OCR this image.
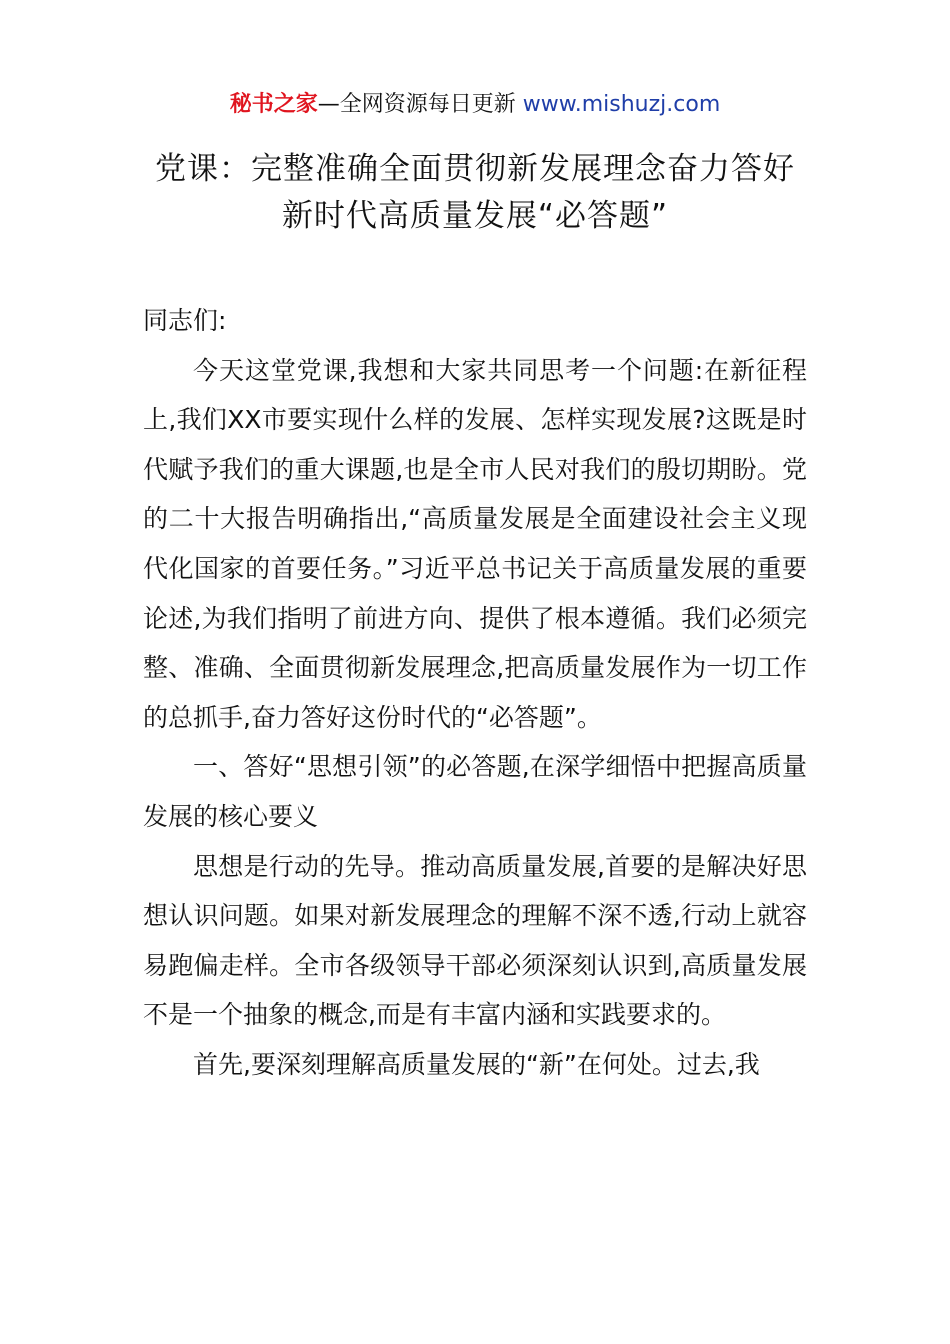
秘书之家—全网资源每日更新 www.mishuzj.com
党课：完整准确全面贯彻新发展理念奋力答好
新时代高质量发展“必答题”

同志们:

今天这堂党课,我想和大家共同思考一个问题:在新征程上,我们XX市要实现什么样的发展、怎样实现发展?这既是时代赋予我们的重大课题,也是全市人民对我们的殷切期盼。党的二十大报告明确指出,“高质量发展是全面建设社会主义现代化国家的首要任务。”习近平总书记关于高质量发展的重要论述,为我们指明了前进方向、提供了根本遵循。我们必须完整、准确、全面贯彻新发展理念,把高质量发展作为一切工作的总抓手,奋力答好这份时代的“必答题”。

一、答好“思想引领”的必答题,在深学细悟中把握高质量发展的核心要义

思想是行动的先导。推动高质量发展,首要的是解决好思想认识问题。如果对新发展理念的理解不深不透,行动上就容易跑偏走样。全市各级领导干部必须深刻认识到,高质量发展不是一个抽象的概念,而是有丰富内涵和实践要求的。

首先,要深刻理解高质量发展的“新”在何处。过去,我
